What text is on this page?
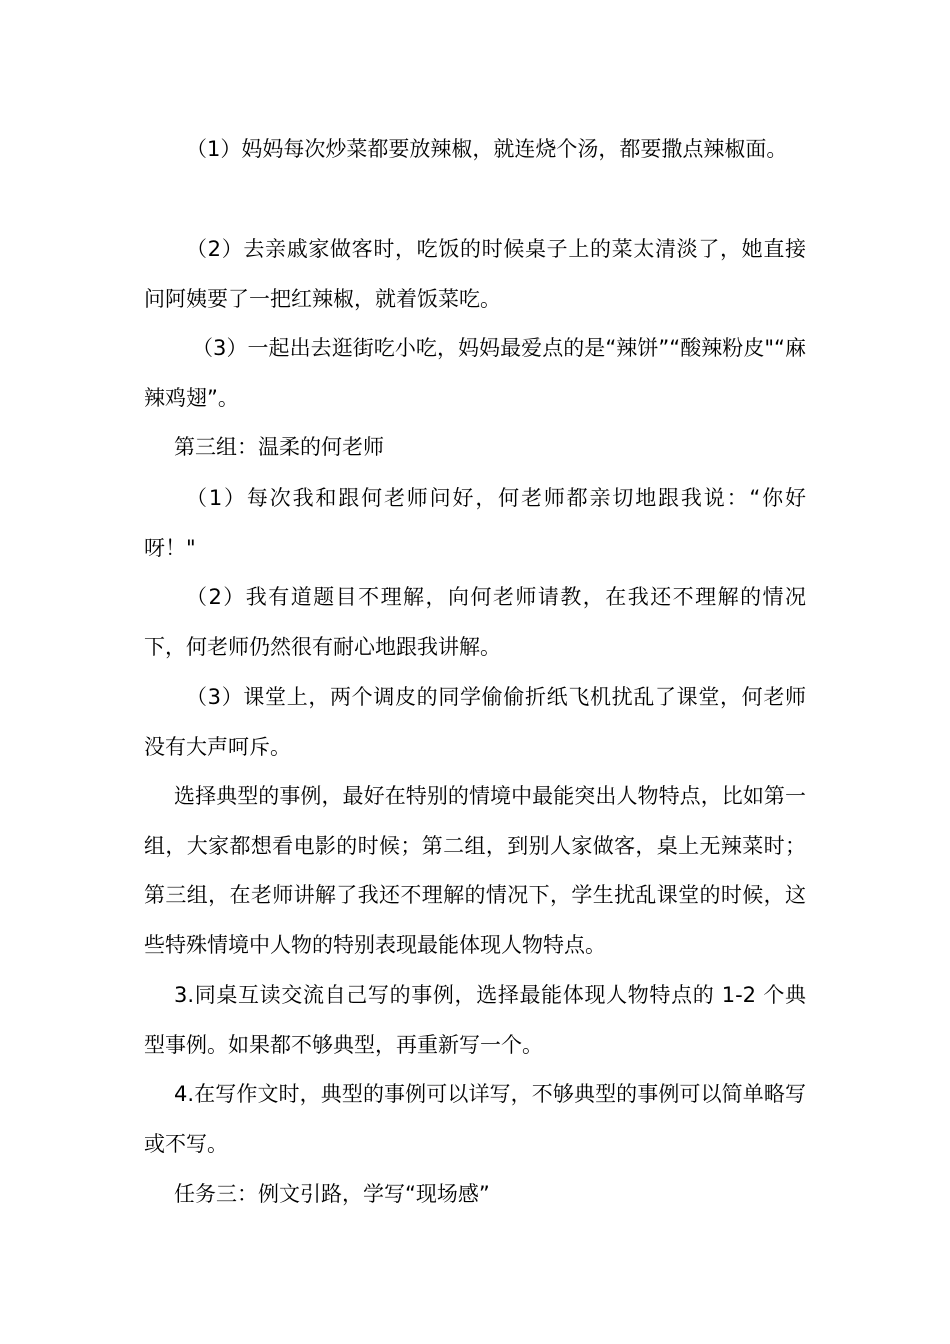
（1）妈妈每次炒菜都要放辣椒，就连烧个汤，都要撒点辣椒面。

（2）去亲戚家做客时，吃饭的时候桌子上的菜太清淡了，她直接问阿姨要了一把红辣椒，就着饭菜吃。

（3）一起出去逛街吃小吃，妈妈最爱点的是“辣饼”“酸辣粉皮"“麻辣鸡翅”。

第三组：温柔的何老师

（1）每次我和跟何老师问好，何老师都亲切地跟我说：“你好呀！"

（2）我有道题目不理解，向何老师请教，在我还不理解的情况下，何老师仍然很有耐心地跟我讲解。

（3）课堂上，两个调皮的同学偷偷折纸飞机扰乱了课堂，何老师没有大声呵斥。

选择典型的事例，最好在特别的情境中最能突出人物特点，比如第一组，大家都想看电影的时候；第二组，到别人家做客，桌上无辣菜时；第三组，在老师讲解了我还不理解的情况下，学生扰乱课堂的时候，这些特殊情境中人物的特别表现最能体现人物特点。

3.同桌互读交流自己写的事例，选择最能体现人物特点的 1-2 个典型事例。如果都不够典型，再重新写一个。

4.在写作文时，典型的事例可以详写，不够典型的事例可以简单略写或不写。

任务三：例文引路，学写“现场感”
